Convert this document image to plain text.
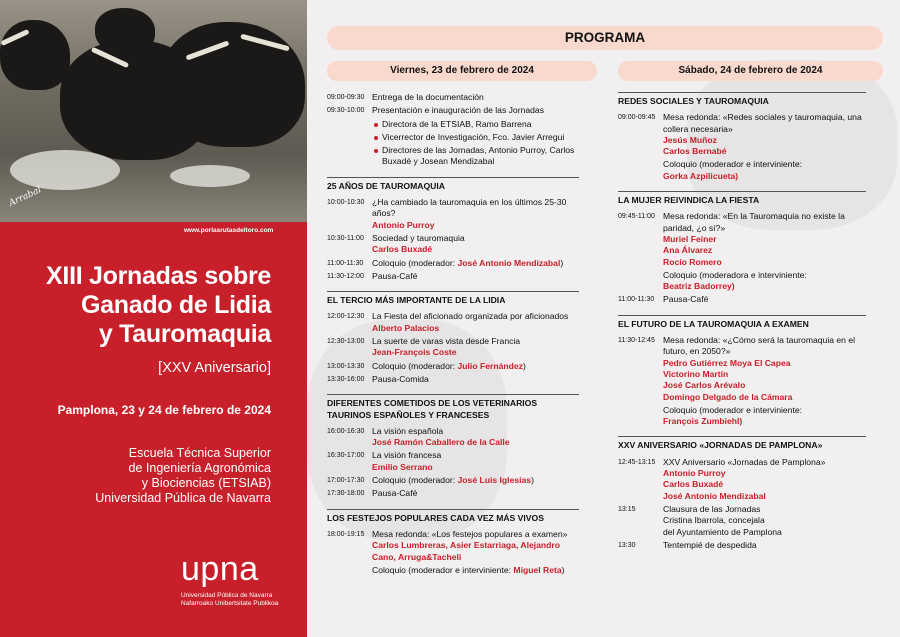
Arrabal
www.porlasrutasdeltoro.com
XIII Jornadas sobre
Ganado de Lidia
y Tauromaquia
[XXV Aniversario]
Pamplona, 23 y 24 de febrero de 2024
Escuela Técnica Superior
de Ingeniería Agronómica
y Biociencias (ETSIAB)
Universidad Pública de Navarra
upna
Universidad Pública de Navarra
Nafarroako Unibertsitate Publikoa
PROGRAMA
Viernes, 23 de febrero de 2024	Sábado, 24 de febrero de 2024
09:00-09:30 Entrega de la documentación
09:30-10:00 Presentación e inauguración de las Jornadas
Directora de la ETSIAB, Ramo Barrena
Vicerrector de Investigación, Fco. Javier Arregui
Directores de las Jornadas, Antonio Purroy, Carlos Buxadé y Josean Mendizabal
25 AÑOS DE TAUROMAQUIA
10:00-10:30 ¿Ha cambiado la tauromaquia en los últimos 25-30 años?
Antonio Purroy
10:30-11:00 Sociedad y tauromaquia
Carlos Buxadé
11:00-11:30	Coloquio (moderador: José Antonio Mendizabal)
11:30-12:00 Pausa-Café
EL TERCIO MÁS IMPORTANTE DE LA LIDIA
12:00-12:30 La Fiesta del aficionado organizada por aficionados
Alberto Palacios
12:30-13:00 La suerte de varas vista desde Francia
Jean-François Coste
13:00-13:30 Coloquio (moderador: Julio Fernández)
13:30-16:00 Pausa-Comida
DIFERENTES COMETIDOS DE LOS VETERINARIOS TAURINOS ESPAÑOLES Y FRANCESES
16:00-16:30 La visión española
José Ramón Caballero de la Calle
16:30-17:00 La visión francesa
Emilio Serrano
17:00-17:30 Coloquio (moderador: José Luis Iglesias)
17:30-18:00 Pausa-Café
LOS FESTEJOS POPULARES CADA VEZ MÁS VIVOS
18:00-19:15 Mesa redonda: «Los festejos populares a examen»
Carlos Lumbreras, Asier Estarriaga, Alejandro Cano, Arruga&Tacheli
Coloquio (moderador e interviniente: Miguel Reta)
REDES SOCIALES Y TAUROMAQUIA
09:00-09:45 Mesa redonda: «Redes sociales y tauromaquia, una collera necesaria»
Jesús Muñoz
Carlos Bernabé
Coloquio (moderador e interviniente:
Gorka Azpilicueta)
LA MUJER REIVINDICA LA FIESTA
09:45-11:00 Mesa redonda: «En la Tauromaquia no existe la paridad, ¿o sí?»
Muriel Feiner
Ana Álvarez
Rocío Romero
Coloquio (moderadora e interviniente:
Beatriz Badorrey)
11:00-11:30	Pausa-Café
EL FUTURO DE LA TAUROMAQUIA A EXAMEN
11:30-12:45 Mesa redonda: «¿Cómo será la tauromaquia en el futuro, en 2050?»
Pedro Gutiérrez Moya El Capea
Victorino Martín
José Carlos Arévalo
Domingo Delgado de la Cámara
Coloquio (moderador e interviniente:
François Zumbiehl)
XXV ANIVERSARIO «JORNADAS DE PAMPLONA»
12:45-13:15 XXV Aniversario «Jornadas de Pamplona»
Antonio Purroy
Carlos Buxadé
José Antonio Mendizabal
13:15	Clausura de las Jornadas
Cristina Ibarrola, concejala
del Ayuntamiento de Pamplona
13:30	Tentempié de despedida
